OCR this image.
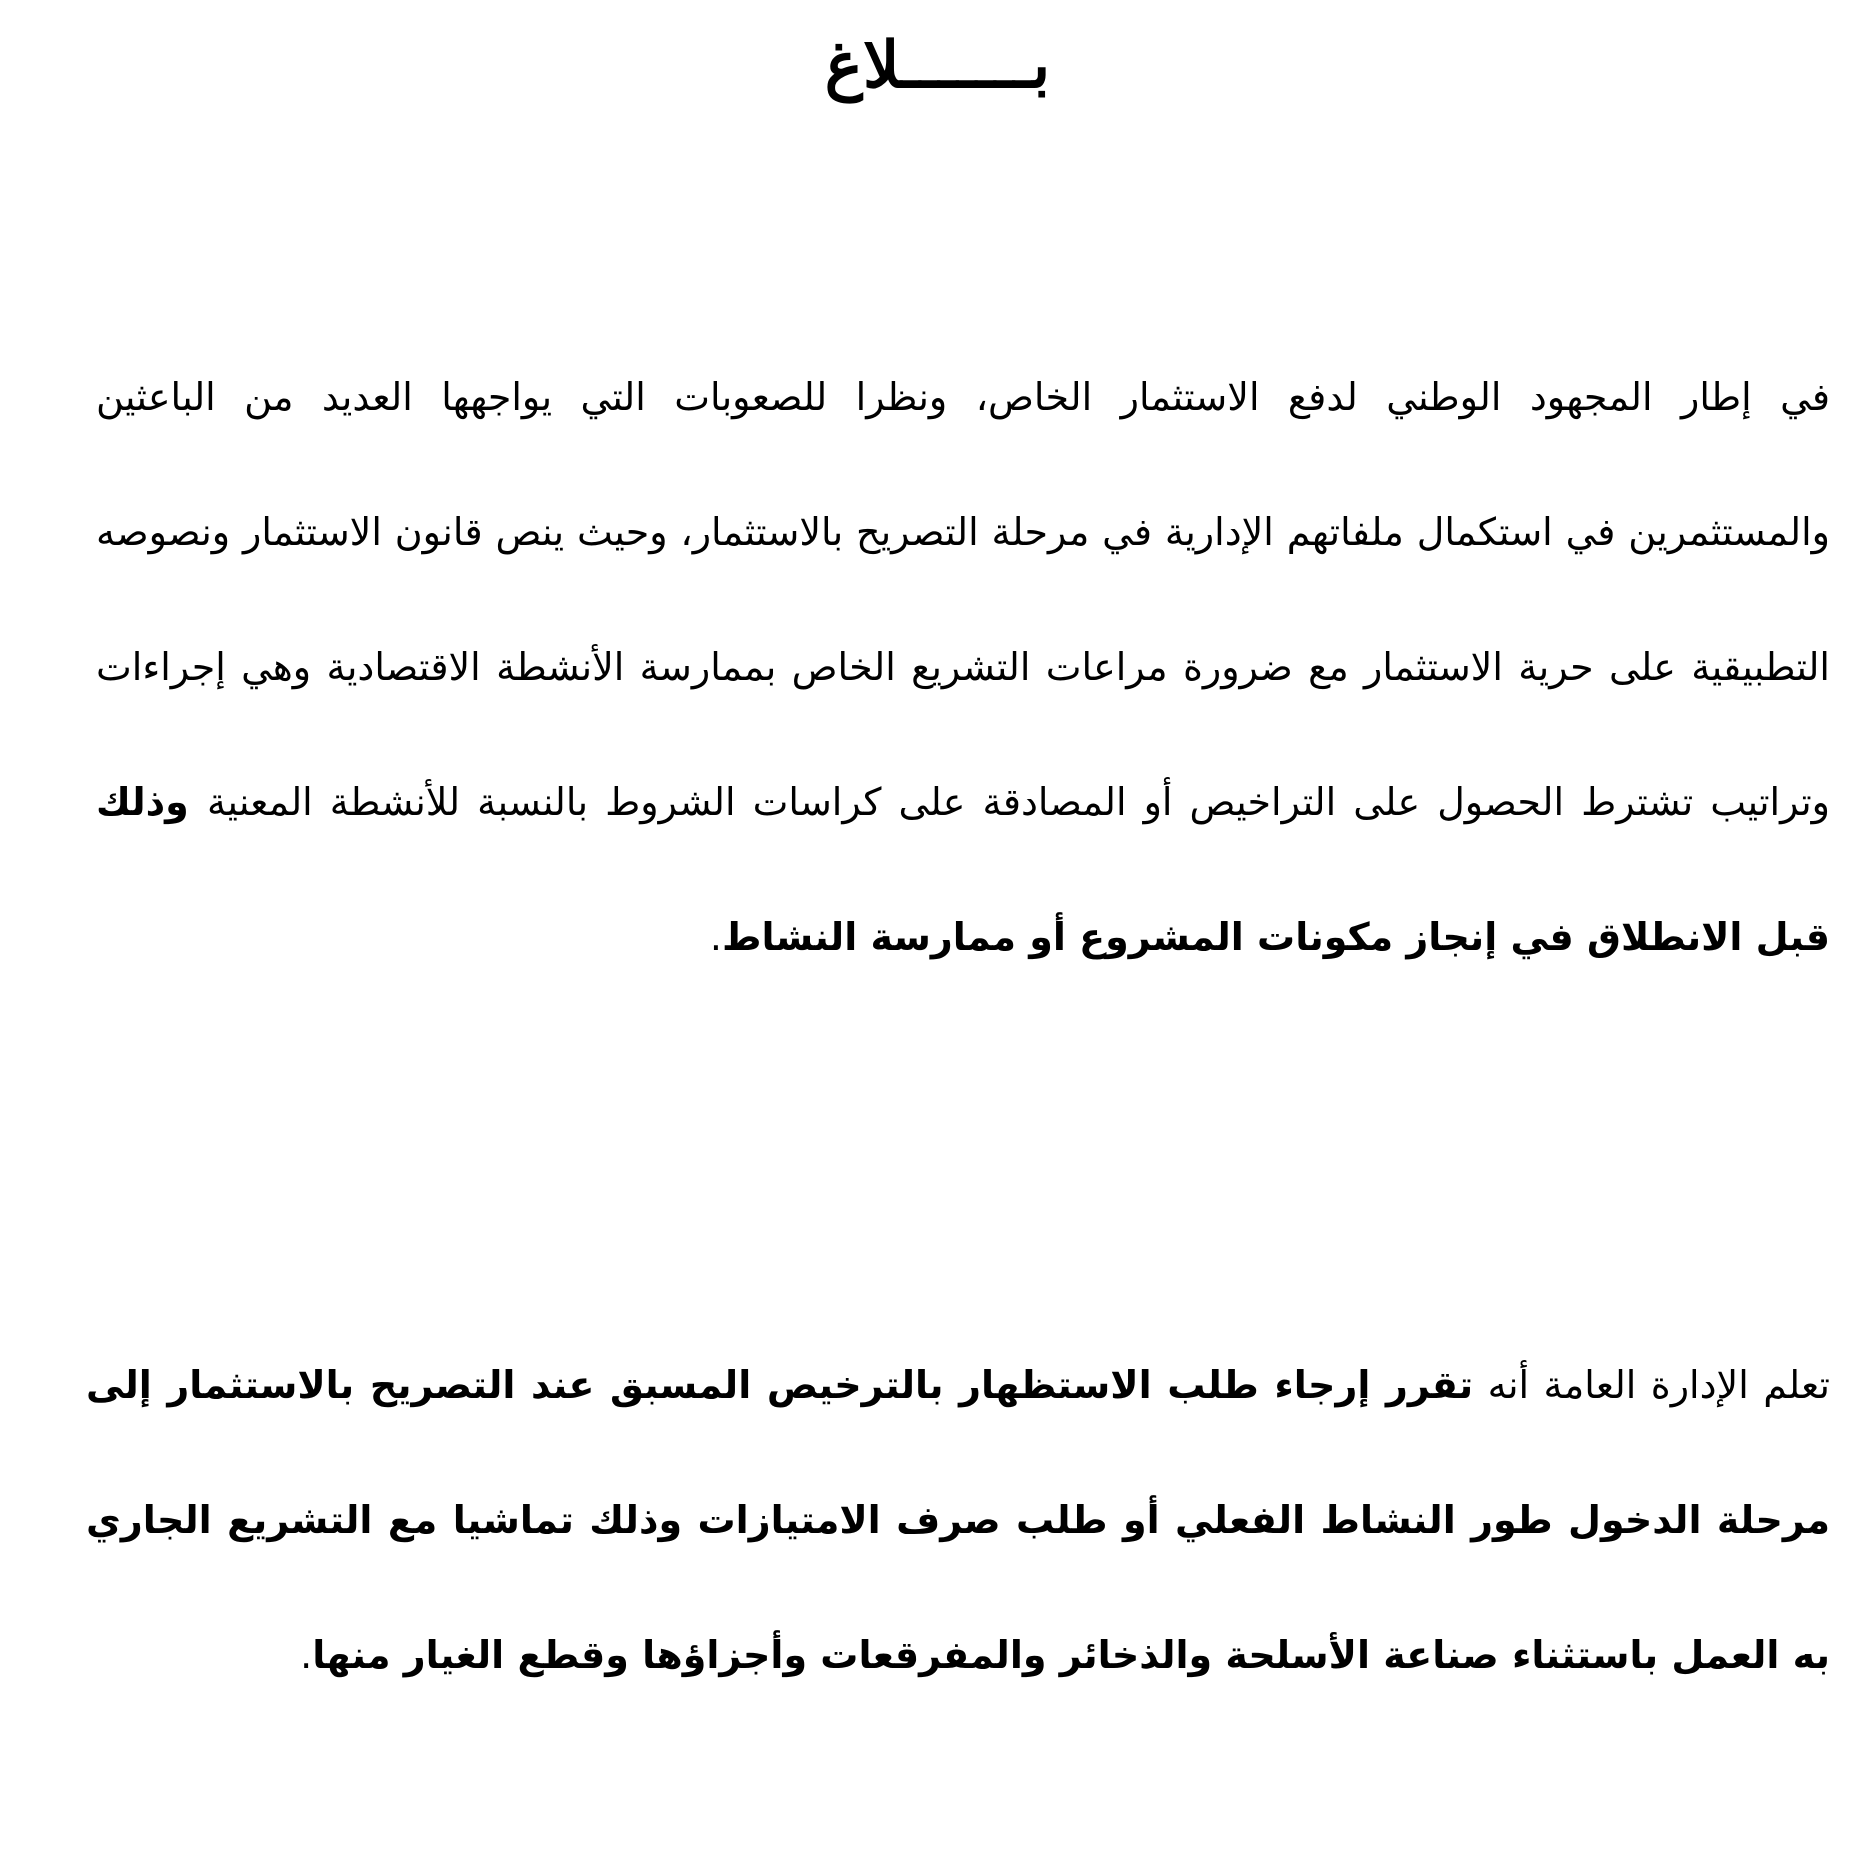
بـــــــلاغ

في إطار المجهود الوطني لدفع الاستثمار الخاص، ونظرا للصعوبات التي يواجهها العديد من الباعثين والمستثمرين في استكمال ملفاتهم الإدارية في مرحلة التصريح بالاستثمار، وحيث ينص قانون الاستثمار ونصوصه التطبيقية على حرية الاستثمار مع ضرورة مراعات التشريع الخاص بممارسة الأنشطة الاقتصادية وهي إجراءات وتراتيب تشترط الحصول على التراخيص أو المصادقة على كراسات الشروط بالنسبة للأنشطة المعنية وذلك قبل الانطلاق في إنجاز مكونات المشروع أو ممارسة النشاط.

تعلم الإدارة العامة أنه تقرر إرجاء طلب الاستظهار بالترخيص المسبق عند التصريح بالاستثمار إلى مرحلة الدخول طور النشاط الفعلي أو طلب صرف الامتيازات وذلك تماشيا مع التشريع الجاري به العمل باستثناء صناعة الأسلحة والذخائر والمفرقعات وأجزاؤها وقطع الغيار منها.
